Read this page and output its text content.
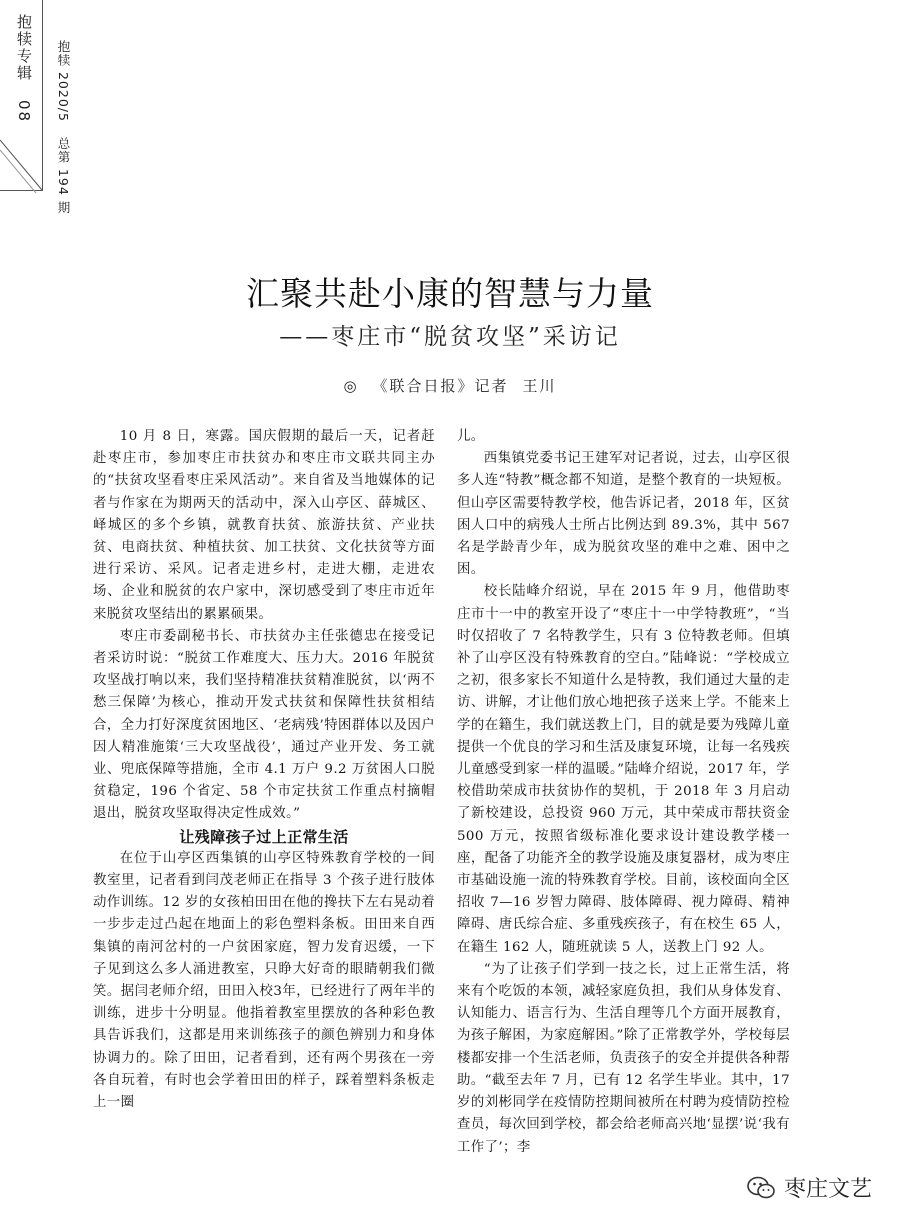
抱犊专辑08 抱犊 2020/5 总第 194 期
汇聚共赴小康的智慧与力量
——枣庄市“脱贫攻坚”采访记
◎ 《联合日报》记者 王川

10 月 8 日，寒露。国庆假期的最后一天，记者赶赴枣庄市，参加枣庄市扶贫办和枣庄市文联共同主办的“扶贫攻坚看枣庄采风活动”。来自省及当地媒体的记者与作家在为期两天的活动中，深入山亭区、薛城区、峄城区的多个乡镇，就教育扶贫、旅游扶贫、产业扶贫、电商扶贫、种植扶贫、加工扶贫、文化扶贫等方面进行采访、采风。记者走进乡村，走进大棚，走进农场、企业和脱贫的农户家中，深切感受到了枣庄市近年来脱贫攻坚结出的累累硕果。

枣庄市委副秘书长、市扶贫办主任张德忠在接受记者采访时说：“脱贫工作难度大、压力大。2016 年脱贫攻坚战打响以来，我们坚持精准扶贫精准脱贫，以‘两不愁三保障’为核心，推动开发式扶贫和保障性扶贫相结合，全力打好深度贫困地区、‘老病残’特困群体以及因户因人精准施策‘三大攻坚战役’，通过产业开发、务工就业、兜底保障等措施，全市 4.1 万户 9.2 万贫困人口脱贫稳定，196 个省定、58 个市定扶贫工作重点村摘帽退出，脱贫攻坚取得决定性成效。”

让残障孩子过上正常生活

在位于山亭区西集镇的山亭区特殊教育学校的一间教室里，记者看到闫茂老师正在指导 3 个孩子进行肢体动作训练。12 岁的女孩柏田田在他的搀扶下左右晃动着一步步走过凸起在地面上的彩色塑料条板。田田来自西集镇的南河岔村的一户贫困家庭，智力发育迟缓，一下子见到这么多人涌进教室，只睁大好奇的眼睛朝我们微笑。据闫老师介绍，田田入校3年，已经进行了两年半的训练，进步十分明显。他指着教室里摆放的各种彩色教具告诉我们，这都是用来训练孩子的颜色辨别力和身体协调力的。除了田田，记者看到，还有两个男孩在一旁各自玩着，有时也会学着田田的样子，踩着塑料条板走上一圈

儿。

西集镇党委书记王建军对记者说，过去，山亭区很多人连“特教”概念都不知道，是整个教育的一块短板。但山亭区需要特教学校，他告诉记者，2018 年，区贫困人口中的病残人士所占比例达到 89.3%，其中 567 名是学龄青少年，成为脱贫攻坚的难中之难、困中之困。

校长陆峰介绍说，早在 2015 年 9 月，他借助枣庄市十一中的教室开设了“枣庄十一中学特教班”，“当时仅招收了 7 名特教学生，只有 3 位特教老师。但填补了山亭区没有特殊教育的空白。”陆峰说：“学校成立之初，很多家长不知道什么是特教，我们通过大量的走访、讲解，才让他们放心地把孩子送来上学。不能来上学的在籍生，我们就送教上门，目的就是要为残障儿童提供一个优良的学习和生活及康复环境，让每一名残疾儿童感受到家一样的温暖。”陆峰介绍说，2017 年，学校借助荣成市扶贫协作的契机，于 2018 年 3 月启动了新校建设，总投资 960 万元，其中荣成市帮扶资金 500 万元，按照省级标准化要求设计建设教学楼一座，配备了功能齐全的教学设施及康复器材，成为枣庄市基础设施一流的特殊教育学校。目前，该校面向全区招收 7—16 岁智力障碍、肢体障碍、视力障碍、精神障碍、唐氏综合症、多重残疾孩子，有在校生 65 人，在籍生 162 人，随班就读 5 人，送教上门 92 人。

“为了让孩子们学到一技之长，过上正常生活，将来有个吃饭的本领，减轻家庭负担，我们从身体发育、认知能力、语言行为、生活自理等几个方面开展教育，为孩子解困，为家庭解困。”除了正常教学外，学校每层楼都安排一个生活老师，负责孩子的安全并提供各种帮助。“截至去年 7 月，已有 12 名学生毕业。其中，17 岁的刘彬同学在疫情防控期间被所在村聘为疫情防控检查员，每次回到学校，都会给老师高兴地‘显摆’说‘我有工作了’；李

枣庄文艺
